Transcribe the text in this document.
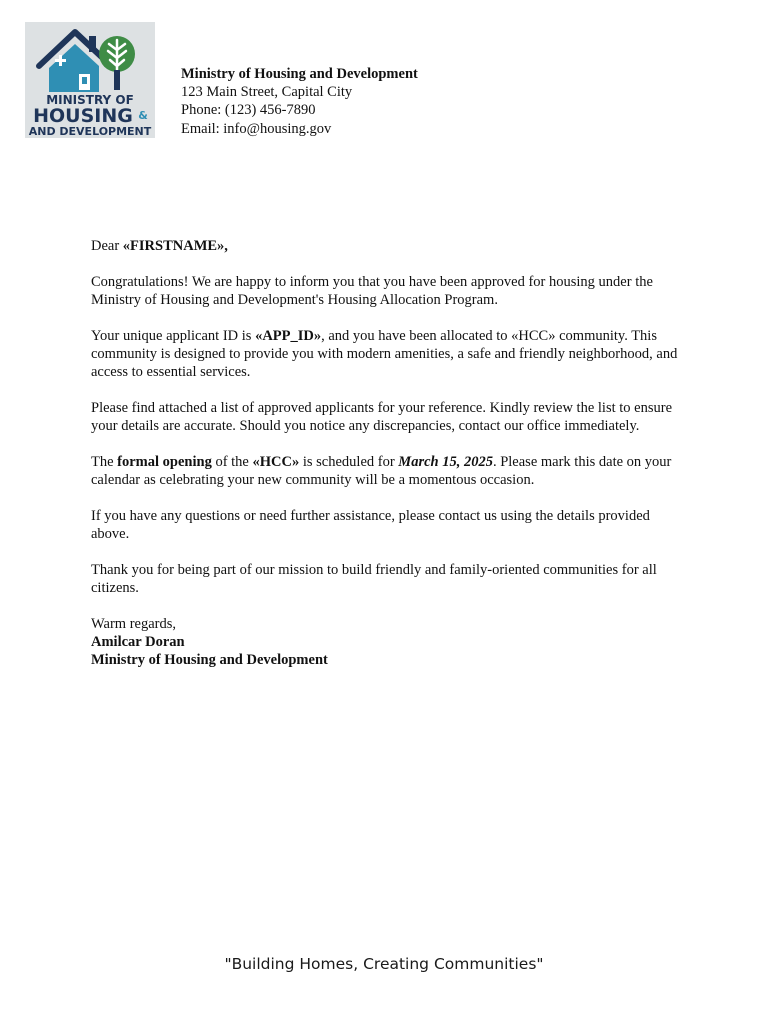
MINISTRY OF
HOUSING &
AND DEVELOPMENT
Ministry of Housing and Development
123 Main Street, Capital City
Phone: (123) 456-7890
Email: info@housing.gov

Dear «FIRSTNAME»,

Congratulations! We are happy to inform you that you have been approved for housing under the Ministry of Housing and Development's Housing Allocation Program.

Your unique applicant ID is «APP_ID», and you have been allocated to «HCC» community. This community is designed to provide you with modern amenities, a safe and friendly neighborhood, and access to essential services.

Please find attached a list of approved applicants for your reference. Kindly review the list to ensure your details are accurate. Should you notice any discrepancies, contact our office immediately.

The formal opening of the «HCC» is scheduled for March 15, 2025. Please mark this date on your calendar as celebrating your new community will be a momentous occasion.

If you have any questions or need further assistance, please contact us using the details provided above.

Thank you for being part of our mission to build friendly and family-oriented communities for all citizens.

Warm regards,
Amilcar Doran
Ministry of Housing and Development
"Building Homes, Creating Communities"
